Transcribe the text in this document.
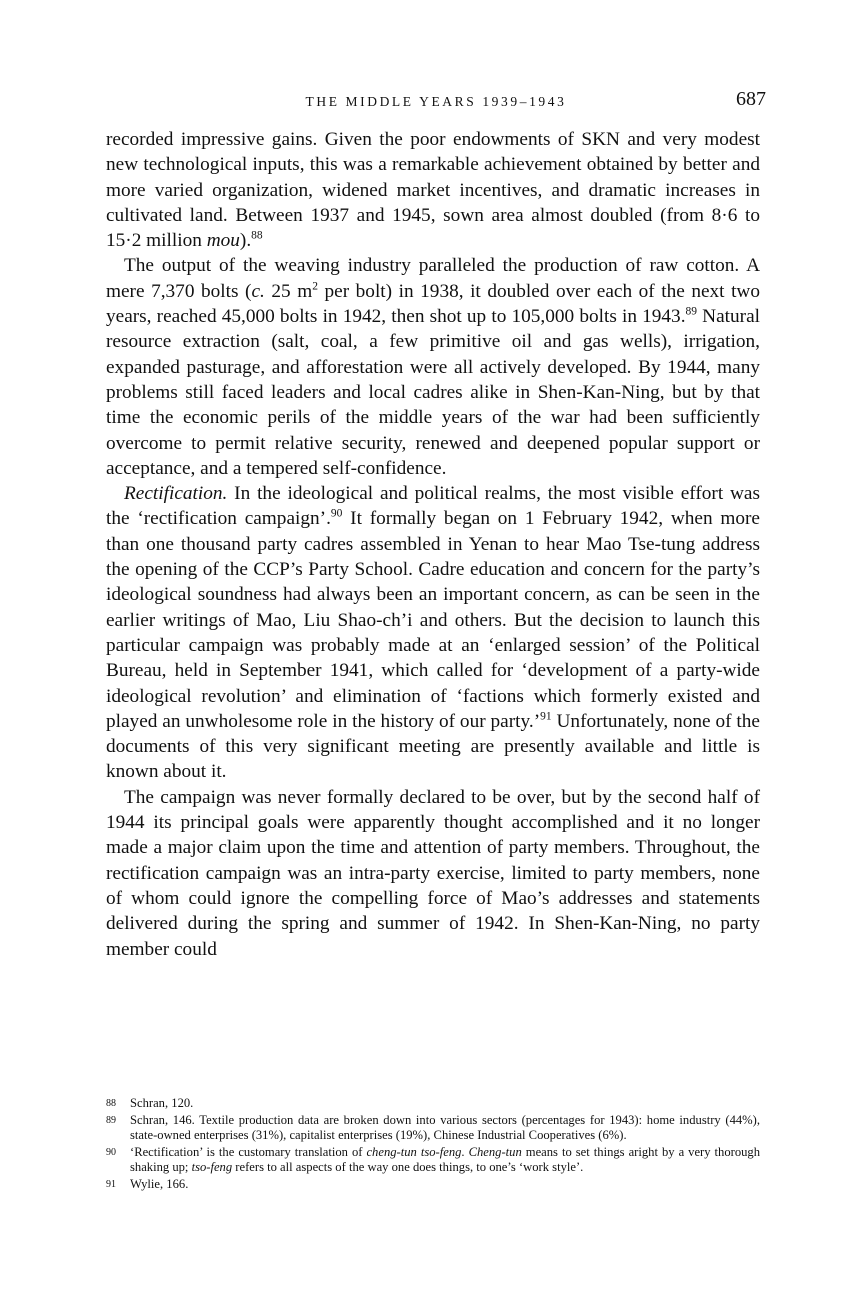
THE MIDDLE YEARS 1939–1943	687

recorded impressive gains. Given the poor endowments of SKN and very modest new technological inputs, this was a remarkable achievement obtained by better and more varied organization, widened market incentives, and dramatic increases in cultivated land. Between 1937 and 1945, sown area almost doubled (from 8·6 to 15·2 million mou).$^{88}$

The output of the weaving industry paralleled the production of raw cotton. A mere 7,370 bolts (c. 25 $m^2$ per bolt) in 1938, it doubled over each of the next two years, reached 45,000 bolts in 1942, then shot up to 105,000 bolts in 1943.89 Natural resource extraction (salt, coal, a few primitive oil and gas wells), irrigation, expanded pasturage, and afforestation were all actively developed. By 1944, many problems still faced leaders and local cadres alike in Shen-Kan-Ning, but by that time the economic perils of the middle years of the war had been sufficiently overcome to permit relative security, renewed and deepened popular support or acceptance, and a tempered self-confidence.

Rectification. In the ideological and political realms, the most visible effort was the ‘rectification campaign’.$^{90}$ It formally began on 1 February 1942, when more than one thousand party cadres assembled in Yenan to hear Mao Tse-tung address the opening of the CCP’s Party School. Cadre education and concern for the party’s ideological soundness had always been an important concern, as can be seen in the earlier writings of Mao, Liu Shao-ch’i and others. But the decision to launch this particular campaign was probably made at an ‘enlarged session’ of the Political Bureau, held in September 1941, which called for ‘development of a party-wide ideological revolution’ and elimination of ‘factions which formerly existed and played an unwholesome role in the history of our party.’$^{91}$ Unfortunately, none of the documents of this very significant meeting are presently available and little is known about it.

The campaign was never formally declared to be over, but by the second half of 1944 its principal goals were apparently thought accomplished and it no longer made a major claim upon the time and attention of party members. Throughout, the rectification campaign was an intra-party exercise, limited to party members, none of whom could ignore the compelling force of Mao’s addresses and statements delivered during the spring and summer of 1942. In Shen-Kan-Ning, no party member could

88 Schran, 120.
89 Schran, 146. Textile production data are broken down into various sectors (percentages for 1943): home industry (44%), state-owned enterprises (31%), capitalist enterprises (19%), Chinese Industrial Cooperatives (6%).
90 ‘Rectification’ is the customary translation of cheng-tun tso-feng. Cheng-tun means to set things aright by a very thorough shaking up; tso-feng refers to all aspects of the way one does things, to one’s ‘work style’.
91 Wylie, 166.
